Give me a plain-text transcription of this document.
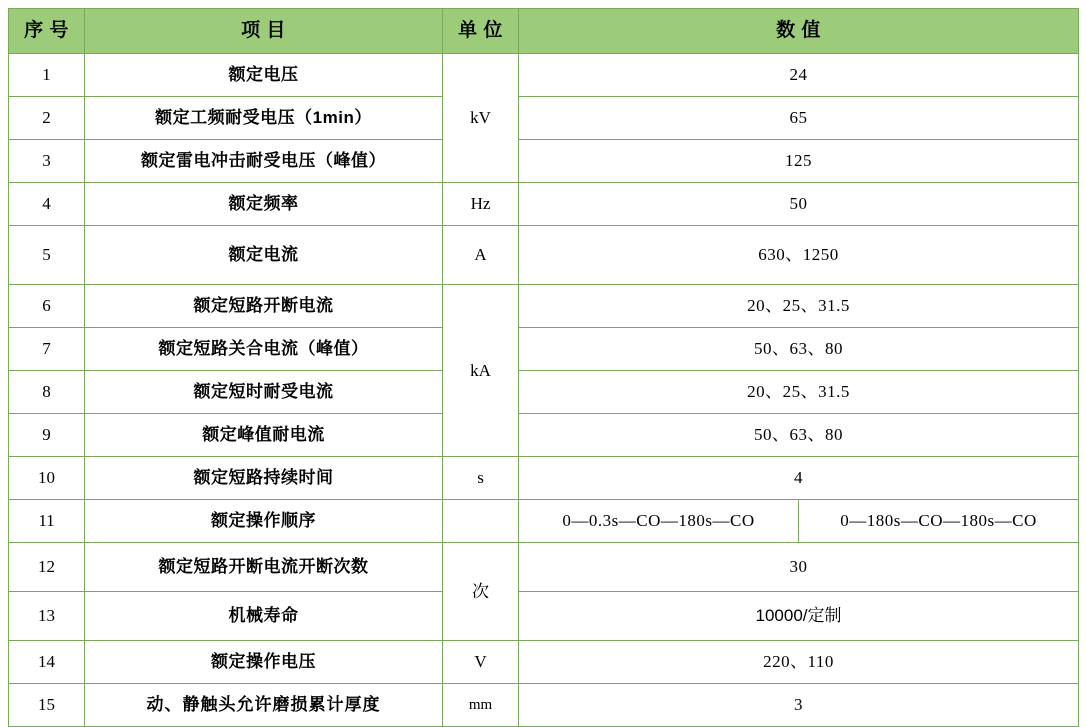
序 号	项 目	单 位	数 值
1	额定电压	kV	24
2	额定工频耐受电压（1min）	65
3	额定雷电冲击耐受电压（峰值）	125
4	额定频率	Hz	50
5	额定电流	A	630、1250
6	额定短路开断电流	kA	20、25、31.5
7	额定短路关合电流（峰值）	50、63、80
8	额定短时耐受电流	20、25、31.5
9	额定峰值耐电流	50、63、80
10	额定短路持续时间	s	4
11	额定操作顺序			0—0.3s—CO—180s—CO	0—180s—CO—180s—CO

12	额定短路开断电流开断次数	次	30
13	机械寿命	10000/定制
14	额定操作电压	V	220、110
15	动、静触头允许磨损累计厚度	mm	3
